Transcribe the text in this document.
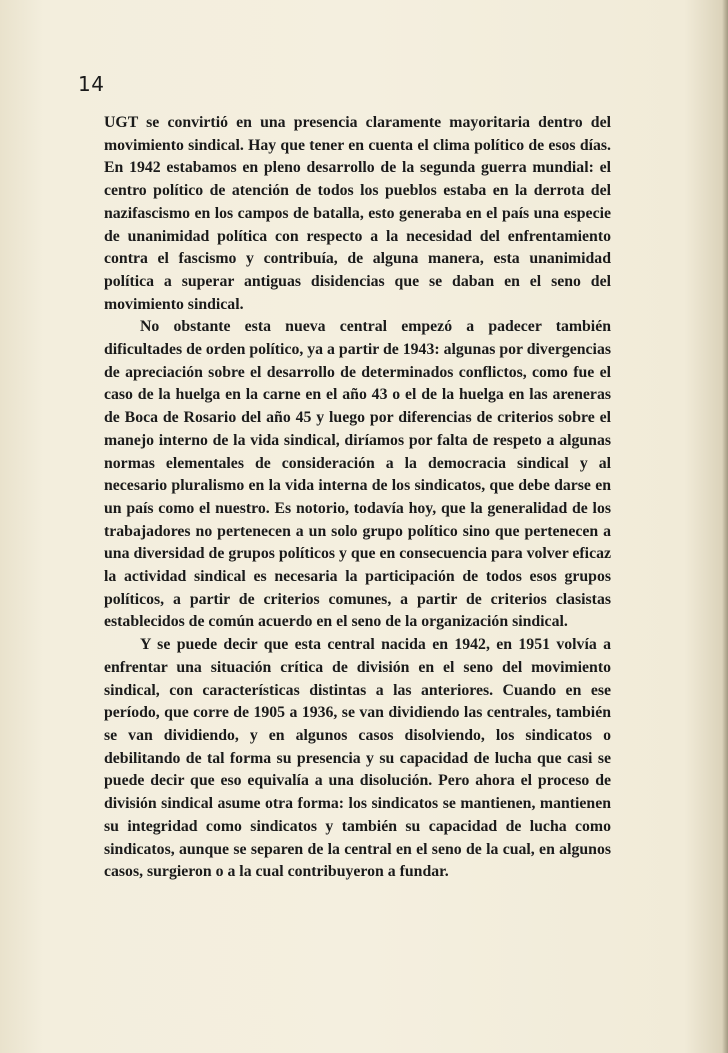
14

UGT se convirtió en una presencia claramente mayoritaria dentro del movimiento sindical. Hay que tener en cuenta el clima político de esos días. En 1942 estabamos en pleno desarrollo de la segunda guerra mundial: el centro político de atención de todos los pueblos estaba en la derrota del nazifascismo en los campos de batalla, esto generaba en el país una especie de unanimidad política con respecto a la necesidad del enfrentamiento contra el fascismo y contribuía, de alguna manera, esta unanimidad política a superar antiguas disidencias que se daban en el seno del movimiento sindical.

No obstante esta nueva central empezó a padecer también dificultades de orden político, ya a partir de 1943: algunas por divergencias de apreciación sobre el desarrollo de determinados conflictos, como fue el caso de la huelga en la carne en el año 43 o el de la huelga en las areneras de Boca de Rosario del año 45 y luego por diferencias de criterios sobre el manejo interno de la vida sindical, diríamos por falta de respeto a algunas normas elementales de consideración a la democracia sindical y al necesario pluralismo en la vida interna de los sindicatos, que debe darse en un país como el nuestro. Es notorio, todavía hoy, que la generalidad de los trabajadores no pertenecen a un solo grupo político sino que pertenecen a una diversidad de grupos políticos y que en consecuencia para volver eficaz la actividad sindical es necesaria la participación de todos esos grupos políticos, a partir de criterios comunes, a partir de criterios clasistas establecidos de común acuerdo en el seno de la organización sindical.

Y se puede decir que esta central nacida en 1942, en 1951 volvía a enfrentar una situación crítica de división en el seno del movimiento sindical, con características distintas a las anteriores. Cuando en ese período, que corre de 1905 a 1936, se van dividiendo las centrales, también se van dividiendo, y en algunos casos disolviendo, los sindicatos o debilitando de tal forma su presencia y su capacidad de lucha que casi se puede decir que eso equivalía a una disolución. Pero ahora el proceso de división sindical asume otra forma: los sindicatos se mantienen, mantienen su integridad como sindicatos y también su capacidad de lucha como sindicatos, aunque se separen de la central en el seno de la cual, en algunos casos, surgieron o a la cual contribuyeron a fundar.
